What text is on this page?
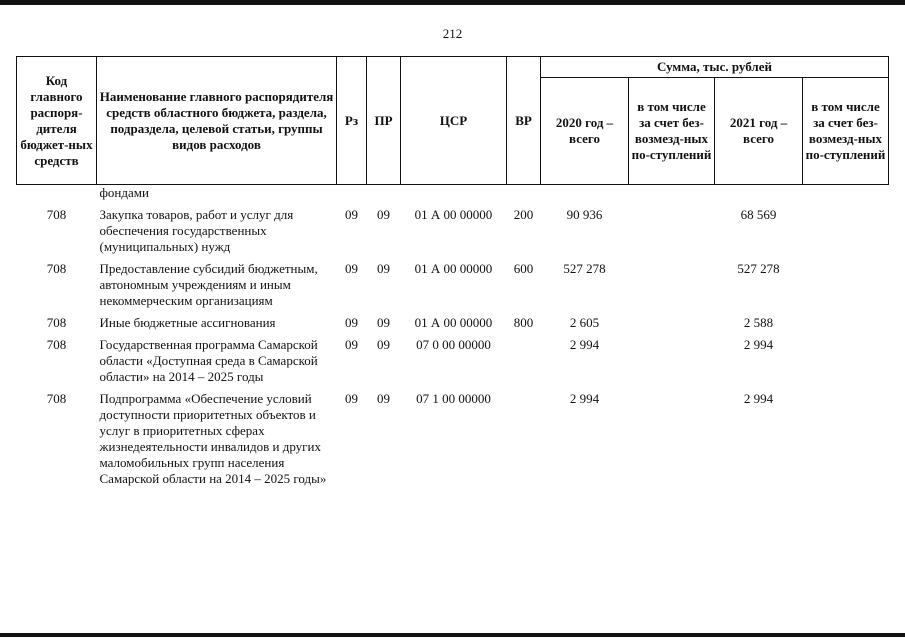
212
Код главного распоря-дителя бюджет-ных средств	Наименование главного распорядителя средств областного бюджета, раздела, подраздела, целевой статьи, группы видов расходов	Рз	ПР	ЦСР	ВР	Сумма, тыс. рублей			
						2020 год – всего	в том числе за счет без-возмезд-ных по-ступлений	2021 год – всего	в том числе за счет без-возмезд-ных по-ступлений
	фондами								
708	Закупка товаров, работ и услуг для обеспечения государственных (муниципальных) нужд	09	09	01 А 00 00000	200	90 936		68 569	
708	Предоставление субсидий бюджетным, автономным учреждениям и иным некоммерческим организациям	09	09	01 А 00 00000	600	527 278		527 278	
708	Иные бюджетные ассигнования	09	09	01 А 00 00000	800	2 605		2 588	
708	Государственная программа Самарской области «Доступная среда в Самарской области» на 2014 – 2025 годы	09	09	07 0 00 00000		2 994		2 994	
708	Подпрограмма «Обеспечение условий доступности приоритетных объектов и услуг в приоритетных сферах жизнедеятельности инвалидов и других маломобильных групп населения Самарской области на 2014 – 2025 годы»	09	09	07 1 00 00000		2 994		2 994	
